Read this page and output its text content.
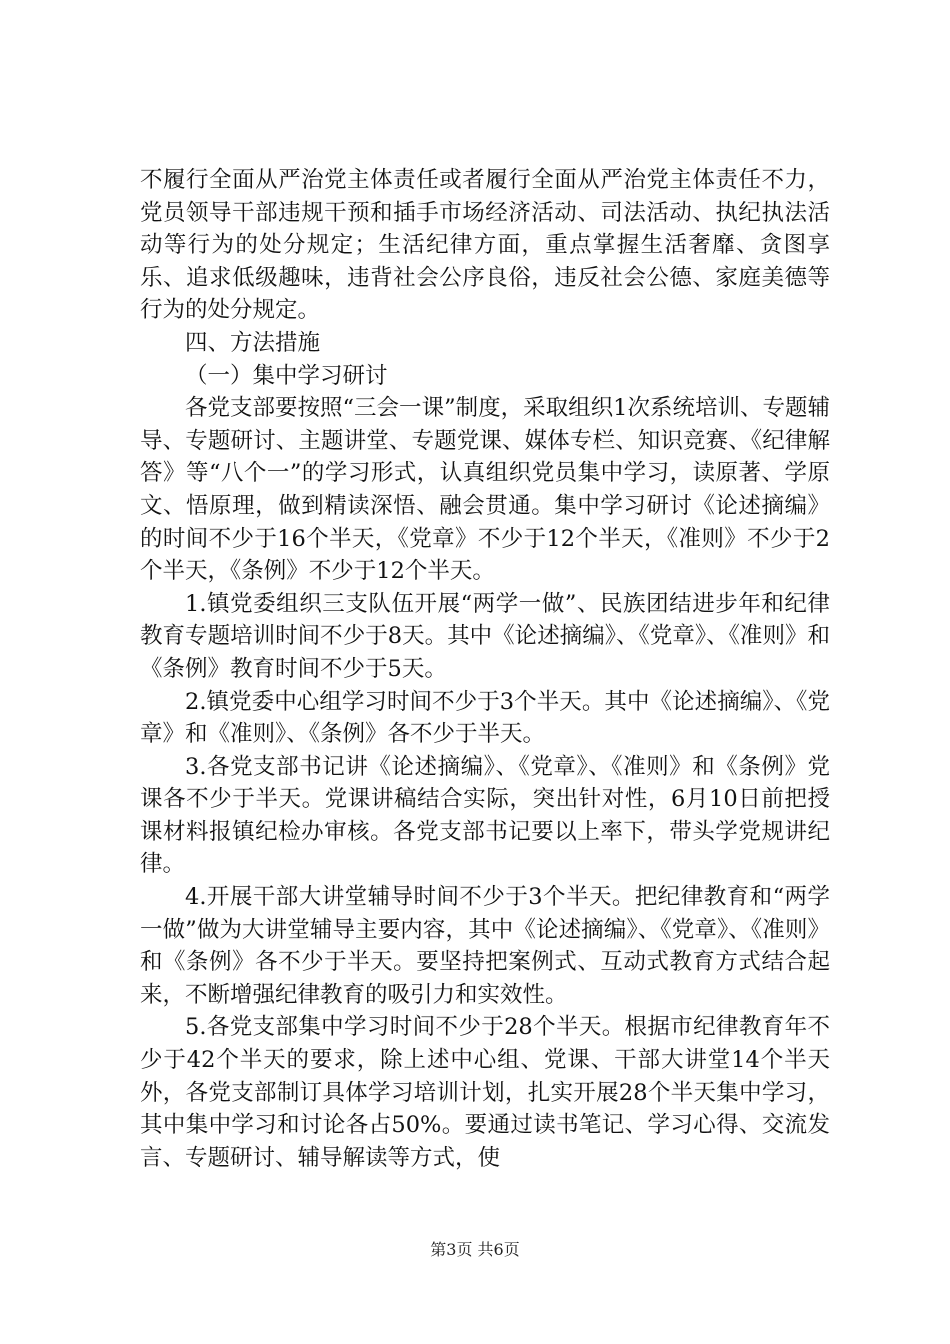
不履行全面从严治党主体责任或者履行全面从严治党主体责任不力，党员领导干部违规干预和插手市场经济活动、司法活动、执纪执法活动等行为的处分规定；生活纪律方面，重点掌握生活奢靡、贪图享乐、追求低级趣味，违背社会公序良俗，违反社会公德、家庭美德等行为的处分规定。

四、方法措施

（一）集中学习研讨

各党支部要按照“三会一课”制度，采取组织1次系统培训、专题辅导、专题研讨、主题讲堂、专题党课、媒体专栏、知识竞赛、《纪律解答》等“八个一”的学习形式，认真组织党员集中学习，读原著、学原文、悟原理，做到精读深悟、融会贯通。集中学习研讨《论述摘编》的时间不少于16个半天，《党章》不少于12个半天，《准则》不少于2个半天，《条例》不少于12个半天。

1.镇党委组织三支队伍开展“两学一做”、民族团结进步年和纪律教育专题培训时间不少于8天。其中《论述摘编》、《党章》、《准则》和《条例》教育时间不少于5天。

2.镇党委中心组学习时间不少于3个半天。其中《论述摘编》、《党章》和《准则》、《条例》各不少于半天。

3.各党支部书记讲《论述摘编》、《党章》、《准则》和《条例》党课各不少于半天。党课讲稿结合实际，突出针对性，6月10日前把授课材料报镇纪检办审核。各党支部书记要以上率下，带头学党规讲纪律。

4.开展干部大讲堂辅导时间不少于3个半天。把纪律教育和“两学一做”做为大讲堂辅导主要内容，其中《论述摘编》、《党章》、《准则》和《条例》各不少于半天。要坚持把案例式、互动式教育方式结合起来，不断增强纪律教育的吸引力和实效性。

5.各党支部集中学习时间不少于28个半天。根据市纪律教育年不少于42个半天的要求，除上述中心组、党课、干部大讲堂14个半天外，各党支部制订具体学习培训计划，扎实开展28个半天集中学习，其中集中学习和讨论各占50%。要通过读书笔记、学习心得、交流发言、专题研讨、辅导解读等方式，使

第3页 共6页
